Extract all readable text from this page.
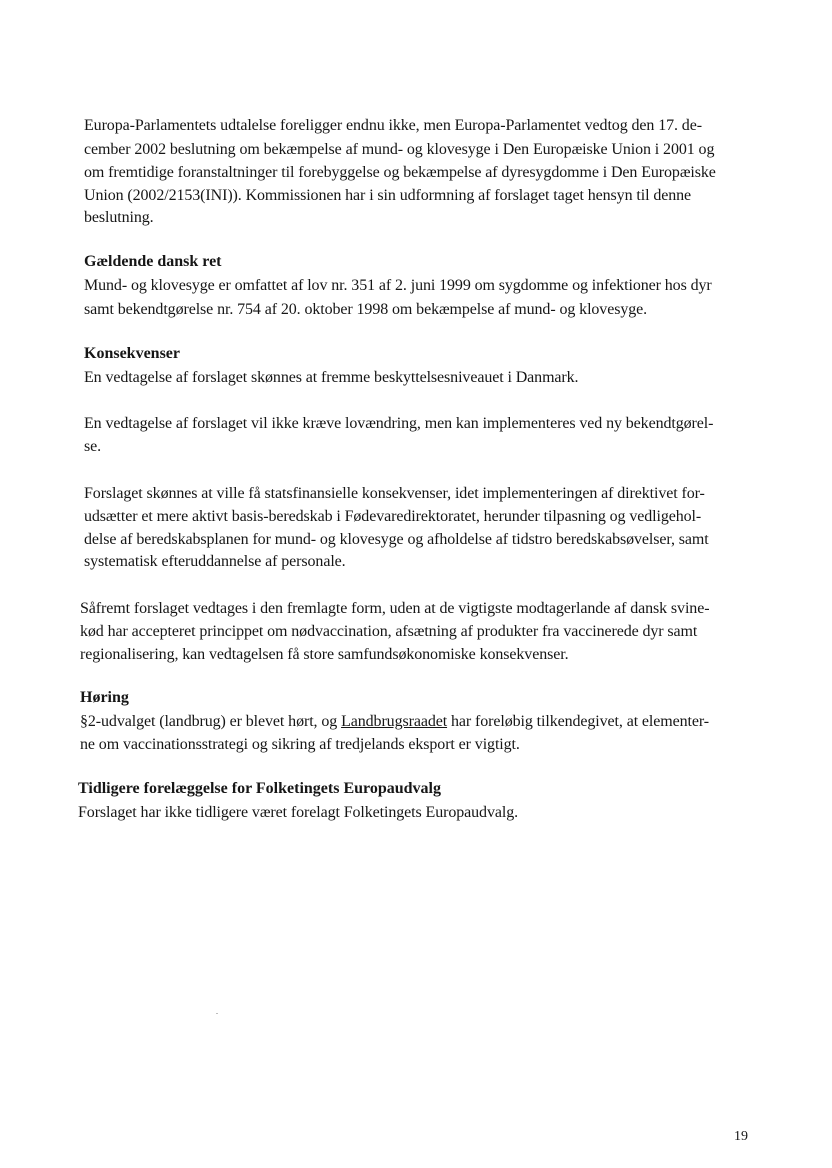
Europa-Parlamentets udtalelse foreligger endnu ikke, men Europa-Parlamentet vedtog den 17. de-
cember 2002 beslutning om bekæmpelse af mund- og klovesyge i Den Europæiske Union i 2001 og
om fremtidige foranstaltninger til forebyggelse og bekæmpelse af dyresygdomme i Den Europæiske
Union (2002/2153(INI)). Kommissionen har i sin udformning af forslaget taget hensyn til denne
beslutning.
Gældende dansk ret
Mund- og klovesyge er omfattet af lov nr. 351 af 2. juni 1999 om sygdomme og infektioner hos dyr
samt bekendtgørelse nr. 754 af 20. oktober 1998 om bekæmpelse af mund- og klovesyge.
Konsekvenser
En vedtagelse af forslaget skønnes at fremme beskyttelsesniveauet i Danmark.
En vedtagelse af forslaget vil ikke kræve lovændring, men kan implementeres ved ny bekendtgørel-
se.
Forslaget skønnes at ville få statsfinansielle konsekvenser, idet implementeringen af direktivet for-
udsætter et mere aktivt basis-beredskab i Fødevaredirektoratet, herunder tilpasning og vedligehol-
delse af beredskabsplanen for mund- og klovesyge og afholdelse af tidstro beredskabsøvelser, samt
systematisk efteruddannelse af personale.
Såfremt forslaget vedtages i den fremlagte form, uden at de vigtigste modtagerlande af dansk svine-
kød har accepteret princippet om nødvaccination, afsætning af produkter fra vaccinerede dyr samt
regionalisering, kan vedtagelsen få store samfundsøkonomiske konsekvenser.
Høring
§2-udvalget (landbrug) er blevet hørt, og Landbrugsraadet har foreløbig tilkendegivet, at elementer-
ne om vaccinationsstrategi og sikring af tredjelands eksport er vigtigt.
Tidligere forelæggelse for Folketingets Europaudvalg
Forslaget har ikke tidligere været forelagt Folketingets Europaudvalg.
19
